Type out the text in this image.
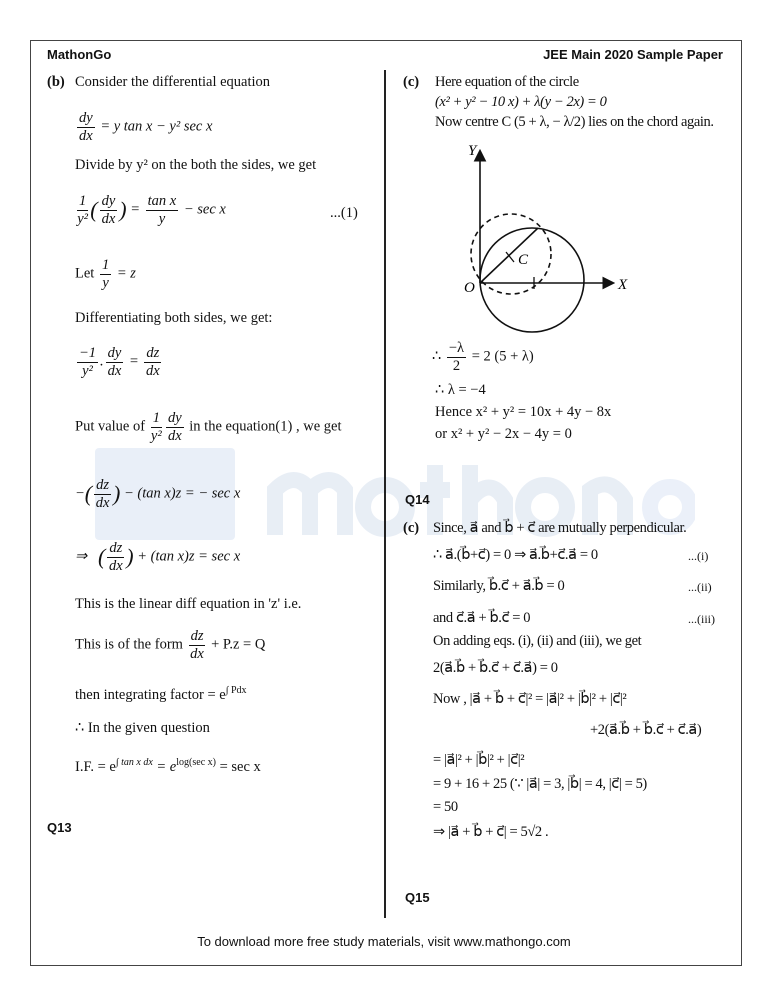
MathonGo	JEE Main 2020 Sample Paper
(b) Consider the differential equation
$\frac{dy}{dx} = y$ tan x − y² sec x
Divide by y² on the both the sides, we get
$\frac{1}{\text{y²}}$ ( $\frac{dy}{dx}$ ) = $\frac{\text{tan x}}{y} - \sec x$	...(1)
Let $\frac{1}{y} = z$
Differentiating both sides, we get:
$\frac{-1}{\text{y²}}$ . $\frac{dy}{dx} = \frac{dz}{dx}$
Put value of $\frac{1}{\text{y²}} \frac{dy}{dx}$ in the equation(1) , we get
−( $\frac{dz}{dx}$ ) − (tan x)z = − sec x
⇒ ( $\frac{dz}{dx}$ ) + (tan x)z = sec x
This is the linear diff equation in 'z' i.e.
This is of the form $\frac{dz}{dx} + P.z = Q$
then integrating factor = $e^{\int Pdx}$
∴ In the given question
I.F. = $e^{\int tan x dx} = e^{log(sec x)} = \sec x$
Q13
(c) Here equation of the circle
(x² + y² − 10 x) + λ(y − 2x) = 0
Now centre C (5 + λ, − λ/2) lies on the chord again.
Y
X
O
C
∴ $\frac{-\lambda}{2} = 2$ (5 + λ)
∴ λ = −4
Hence x² + y² = 10x + 4y − 8x
or x² + y² − 2x − 4y = 0
Q14
(c) Since, a⃗ and b⃗ + c⃗ are mutually perpendicular.
∴ a⃗.(b⃗+c⃗) = 0 ⇒ a⃗.b⃗+c⃗.a⃗ = 0	...(i)
Similarly, b⃗.c⃗ + a⃗.b⃗ = 0	...(ii)
and c⃗.a⃗ + b⃗.c⃗ = 0	...(iii)
On adding eqs. (i), (ii) and (iii), we get
2(a⃗.b⃗ + b⃗.c⃗ + c⃗.a⃗) = 0
Now , |a⃗ + b⃗ + c⃗|² = |a⃗|² + |b⃗|² + |c⃗|²
+2(a⃗.b⃗ + b⃗.c⃗ + c⃗.a⃗)
= |a⃗|² + |b⃗|² + |c⃗|²
= 9 + 16 + 25 (∵ |a⃗| = 3, |b⃗| = 4, |c⃗| = 5)
= 50
⇒ |a⃗ + b⃗ + c⃗| = 5√2 .
Q15
To download more free study materials, visit www.mathongo.com
